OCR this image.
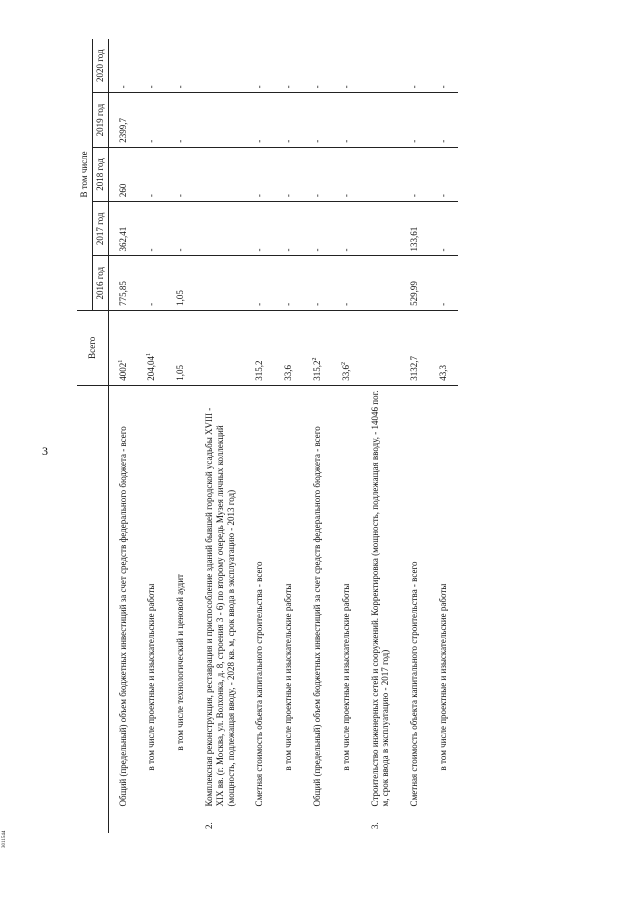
3
3011544
		Всего	В том числе				
			2016 год	2017 год	2018 год	2019 год	2020 год
	Общий (предельный) объем бюджетных инвестиций за счет средств федерального бюджета - всего	4002$^1$	775,85	362,41	260	2399,7	-
	в том числе проектные и изыскательские работы	204,04$^1$	-	-	-	-	-
	в том числе технологический и ценовой аудит	1,05	1,05	-	-	-	-
2.	Комплексная реконструкция, реставрация и приспособление зданий бывшей городской усадьбы XVIII - XIX вв. (г. Москва, ул. Волхонка, д. 8, строения 3 - 6) по второму очередь Музея личных коллекций (мощность, подлежащая вводу, - 2028 кв. м, срок ввода в эксплуатацию - 2013 год)						
	Сметная стоимость объекта капитального строительства - всего	315,2	-	-	-	-	-
	в том числе проектные и изыскательские работы	33,6	-	-	-	-	-
	Общий (предельный) объем бюджетных инвестиций за счет средств федерального бюджета - всего	315,2$^2$	-	-	-	-	-
	в том числе проектные и изыскательские работы	33,6$^2$	-	-	-	-	-
3.	Строительство инженерных сетей и сооружений. Корректировка (мощность, подлежащая вводу, - 14046 пог. м, срок ввода в эксплуатацию - 2017 год)						
	Сметная стоимость объекта капитального строительства - всего	3132,7	529,99	133,61	-	-	-
	в том числе проектные и изыскательские работы	43,3	-	-	-	-	-
